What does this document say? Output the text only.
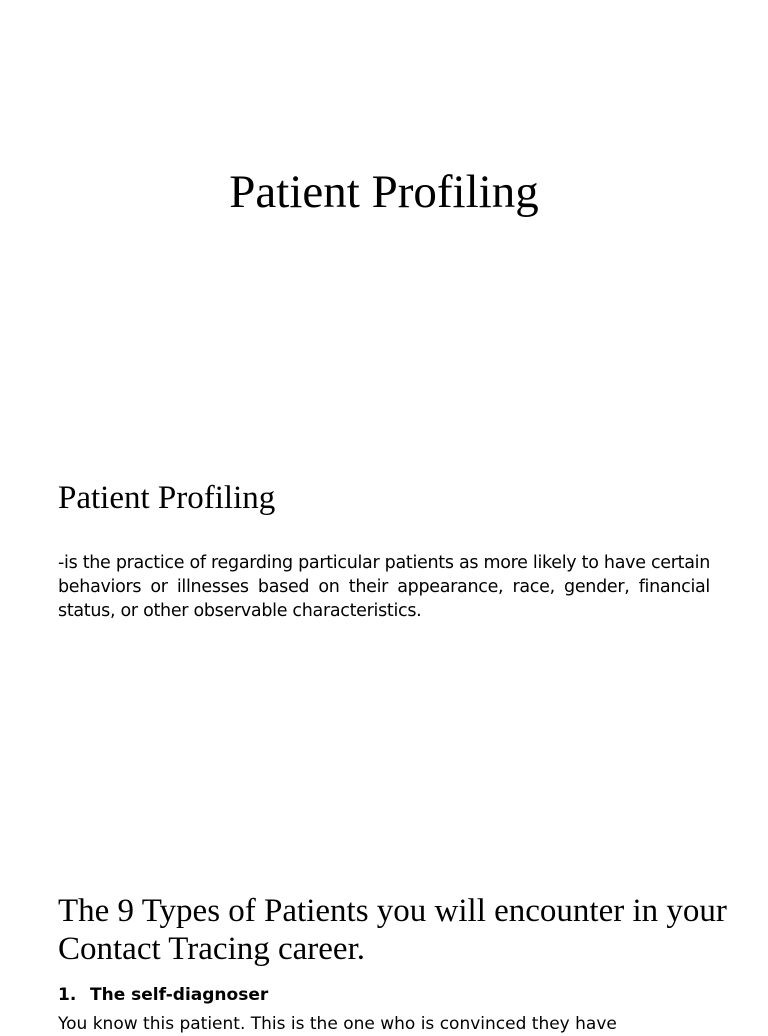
Patient Profiling
Patient Profiling

-is the practice of regarding particular patients as more likely to have certain behaviors or illnesses based on their appearance, race, gender, financial status, or other observable characteristics.

The 9 Types of Patients you will encounter in your Contact Tracing career.
1. The self-diagnoser
You know this patient. This is the one who is convinced they have
